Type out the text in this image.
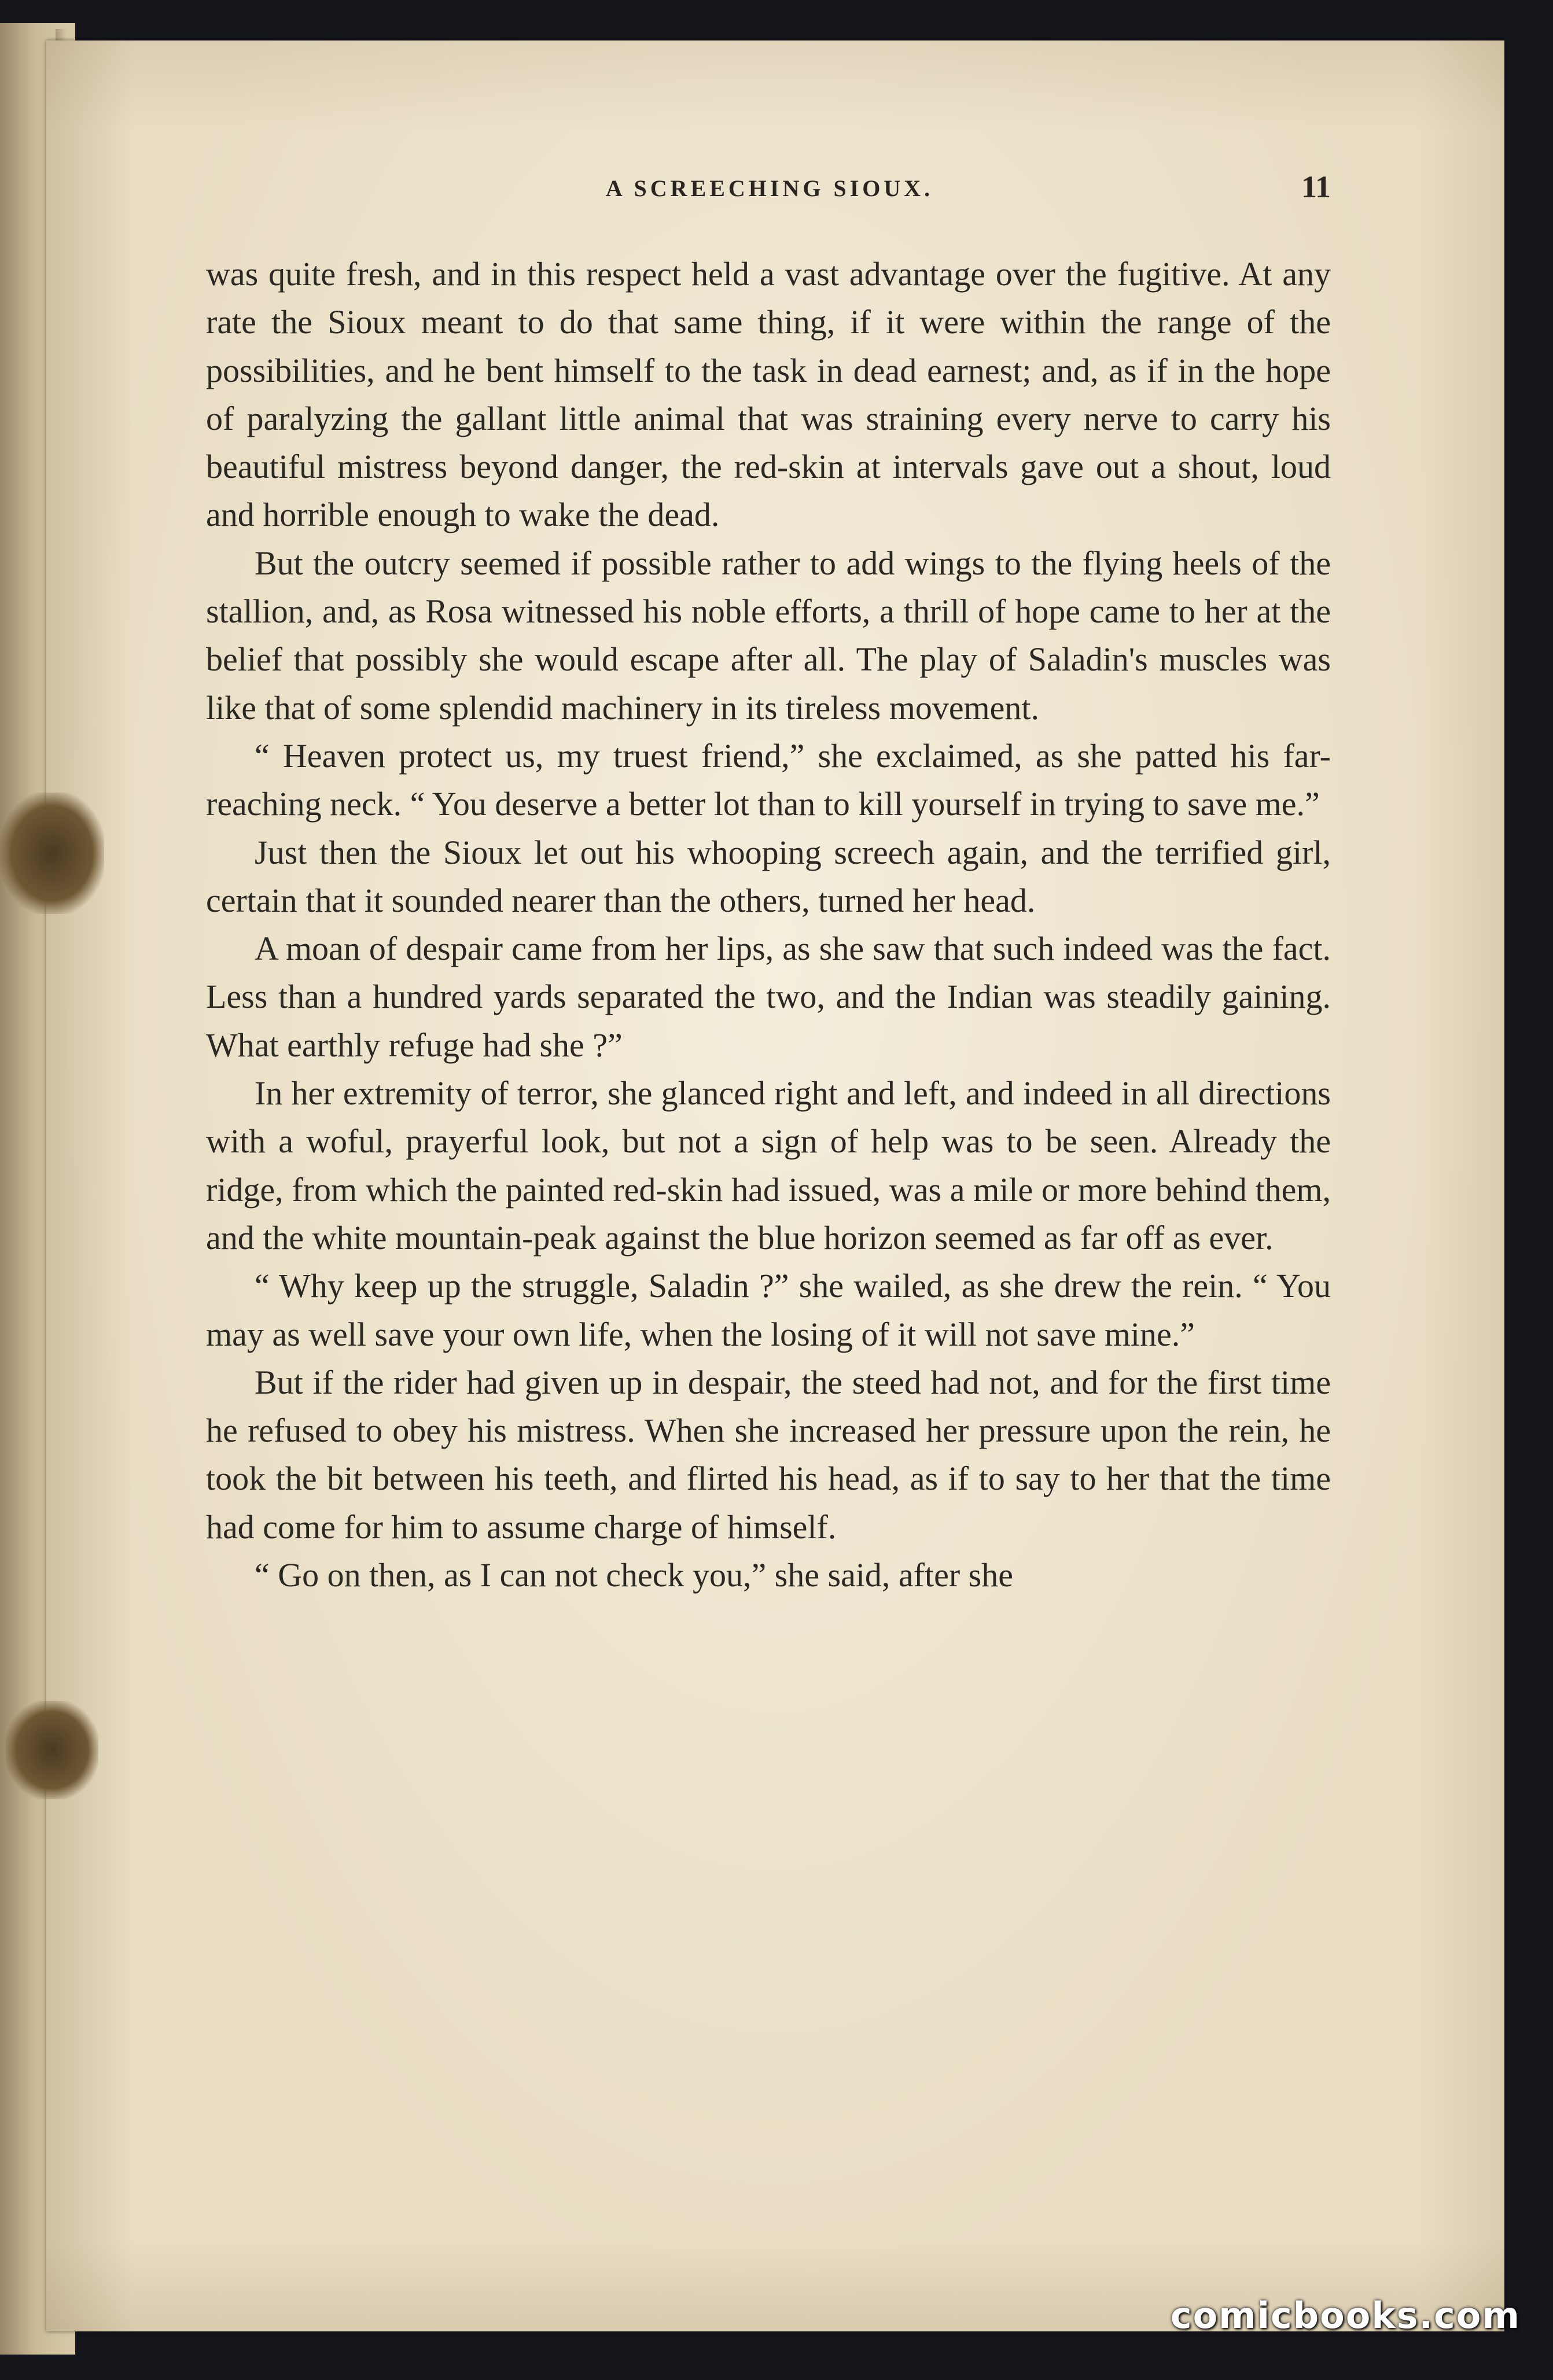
A SCREECHING SIOUX.	11

was quite fresh, and in this respect held a vast advantage over the fugitive. At any rate the Sioux meant to do that same thing, if it were within the range of the possibilities, and he bent himself to the task in dead earnest; and, as if in the hope of paralyzing the gallant little animal that was straining every nerve to carry his beautiful mistress beyond danger, the red-skin at intervals gave out a shout, loud and horrible enough to wake the dead.

But the outcry seemed if possible rather to add wings to the flying heels of the stallion, and, as Rosa witnessed his noble efforts, a thrill of hope came to her at the belief that possibly she would escape after all. The play of Saladin's muscles was like that of some splendid machinery in its tireless movement.

“ Heaven protect us, my truest friend,” she exclaimed, as she patted his far-reaching neck. “ You deserve a better lot than to kill yourself in trying to save me.”

Just then the Sioux let out his whooping screech again, and the terrified girl, certain that it sounded nearer than the others, turned her head.

A moan of despair came from her lips, as she saw that such indeed was the fact. Less than a hundred yards separated the two, and the Indian was steadily gaining. What earthly refuge had she ?”

In her extremity of terror, she glanced right and left, and indeed in all directions with a woful, prayerful look, but not a sign of help was to be seen. Already the ridge, from which the painted red-skin had issued, was a mile or more behind them, and the white mountain-peak against the blue horizon seemed as far off as ever.

“ Why keep up the struggle, Saladin ?” she wailed, as she drew the rein. “ You may as well save your own life, when the losing of it will not save mine.”

But if the rider had given up in despair, the steed had not, and for the first time he refused to obey his mistress. When she increased her pressure upon the rein, he took the bit between his teeth, and flirted his head, as if to say to her that the time had come for him to assume charge of himself.

“ Go on then, as I can not check you,” she said, after she

comicbooks.com
